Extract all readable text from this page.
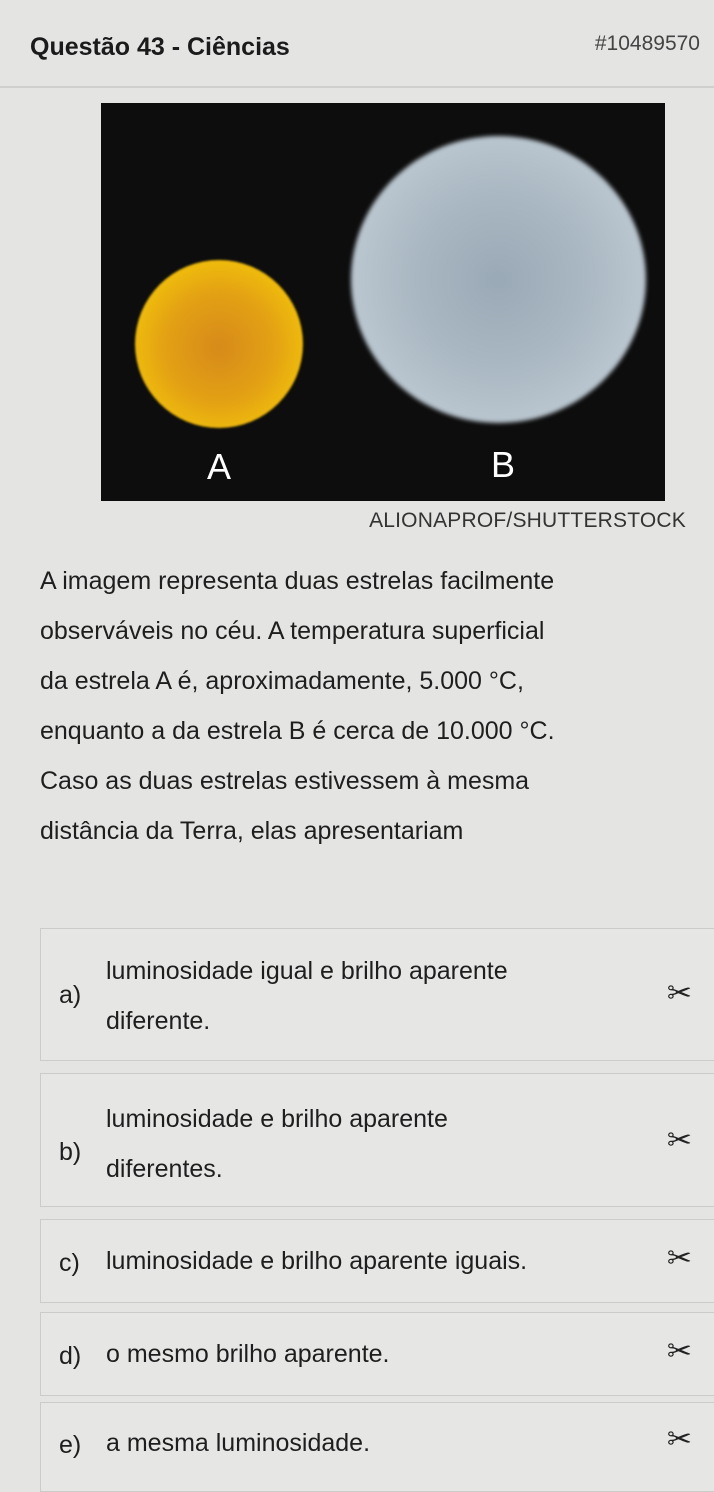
Questão 43 - Ciências	#10489570
A	B
ALIONAPROF/SHUTTERSTOCK
A imagem representa duas estrelas facilmente
observáveis no céu. A temperatura superficial
da estrela A é, aproximadamente, 5.000 °C,
enquanto a da estrela B é cerca de 10.000 °C.
Caso as duas estrelas estivessem à mesma
distância da Terra, elas apresentariam
a)
luminosidade igual e brilho aparente
diferente.
✂
b)
luminosidade e brilho aparente
diferentes.
✂
c) luminosidade e brilho aparente iguais.	✂
d) o mesmo brilho aparente.	✂
e) a mesma luminosidade.	✂
